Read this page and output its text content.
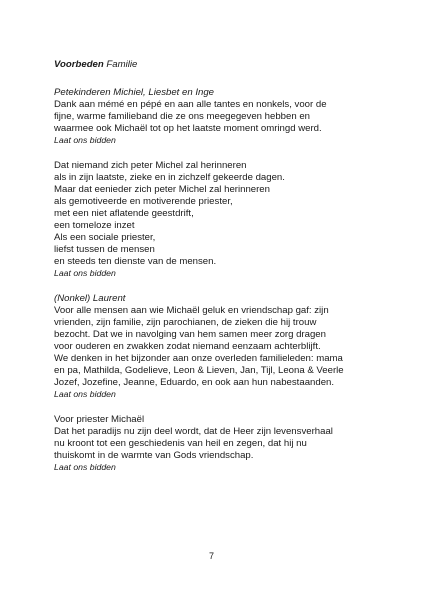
Voorbeden Familie
Petekinderen Michiel, Liesbet en Inge
Dank aan mémé en pépé en aan alle tantes en nonkels, voor de
fijne, warme familieband die ze ons meegegeven hebben en
waarmee ook Michaël tot op het laatste moment omringd werd.
Laat ons bidden
Dat niemand zich peter Michel zal herinneren
als in zijn laatste, zieke en in zichzelf gekeerde dagen.
Maar dat eenieder zich peter Michel zal herinneren
als gemotiveerde en motiverende priester,
met een niet aflatende geestdrift,
een tomeloze inzet
Als een sociale priester,
liefst tussen de mensen
en steeds ten dienste van de mensen.
Laat ons bidden
(Nonkel) Laurent
Voor alle mensen aan wie Michaël geluk en vriendschap gaf: zijn
vrienden, zijn familie, zijn parochianen, de zieken die hij trouw
bezocht. Dat we in navolging van hem samen meer zorg dragen
voor ouderen en zwakken zodat niemand eenzaam achterblijft.
We denken in het bijzonder aan onze overleden familieleden: mama
en pa, Mathilda, Godelieve, Leon & Lieven, Jan, Tijl, Leona & Veerle
Jozef, Jozefine, Jeanne, Eduardo, en ook aan hun nabestaanden.
Laat ons bidden
Voor priester Michaël
Dat het paradijs nu zijn deel wordt, dat de Heer zijn levensverhaal
nu kroont tot een geschiedenis van heil en zegen, dat hij nu
thuiskomt in de warmte van Gods vriendschap.
Laat ons bidden
7
